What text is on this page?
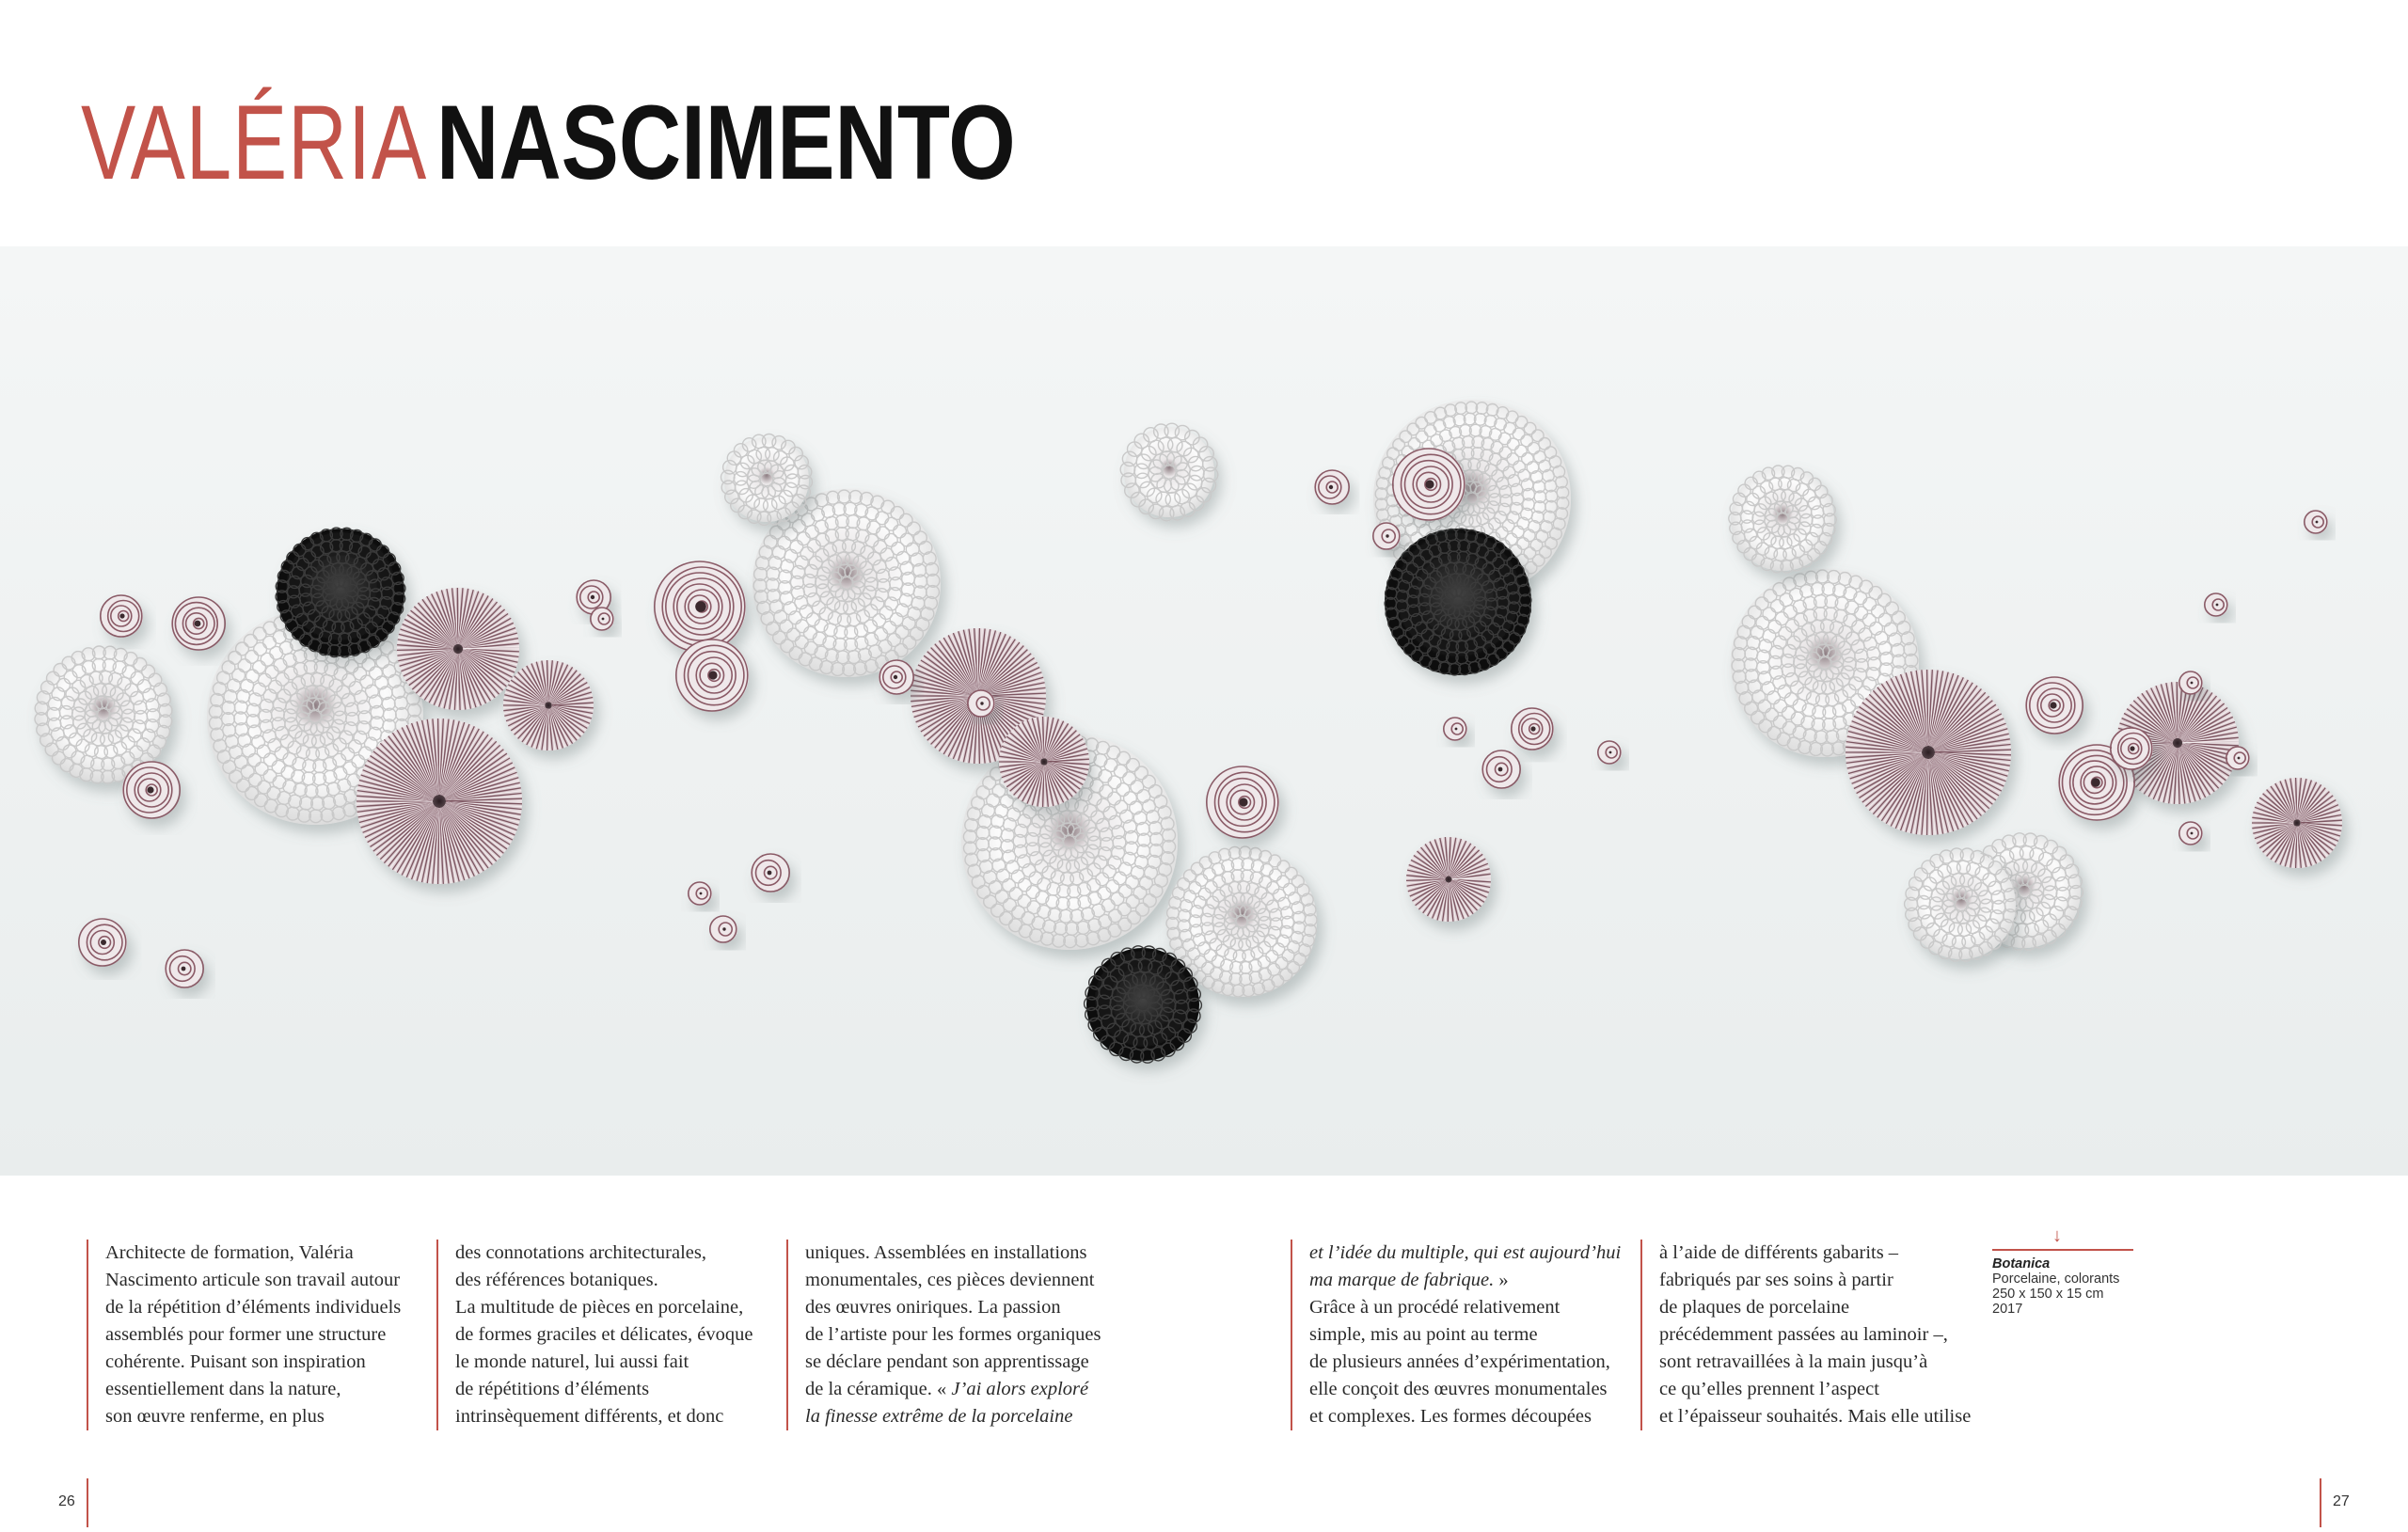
VALÉRIA NASCIMENTO

Architecte de formation, Valéria
Nascimento articule son travail autour
de la répétition d’éléments individuels
assemblés pour former une structure
cohérente. Puisant son inspiration
essentiellement dans la nature,
son œuvre renferme, en plus

des connotations architecturales,
des références botaniques.
La multitude de pièces en porcelaine,
de formes graciles et délicates, évoque
le monde naturel, lui aussi fait
de répétitions d’éléments
intrinsèquement différents, et donc

uniques. Assemblées en installations
monumentales, ces pièces deviennent
des œuvres oniriques. La passion
de l’artiste pour les formes organiques
se déclare pendant son apprentissage
de la céramique. « J’ai alors exploré
la finesse extrême de la porcelaine

et l’idée du multiple, qui est aujourd’hui
ma marque de fabrique. »
Grâce à un procédé relativement
simple, mis au point au terme
de plusieurs années d’expérimentation,
elle conçoit des œuvres monumentales
et complexes. Les formes découpées

à l’aide de différents gabarits –
fabriqués par ses soins à partir
de plaques de porcelaine
précédemment passées au laminoir –,
sont retravaillées à la main jusqu’à
ce qu’elles prennent l’aspect
et l’épaisseur souhaités. Mais elle utilise

↓
Botanica
Porcelaine, colorants
250 x 150 x 15 cm
2017
26	27
